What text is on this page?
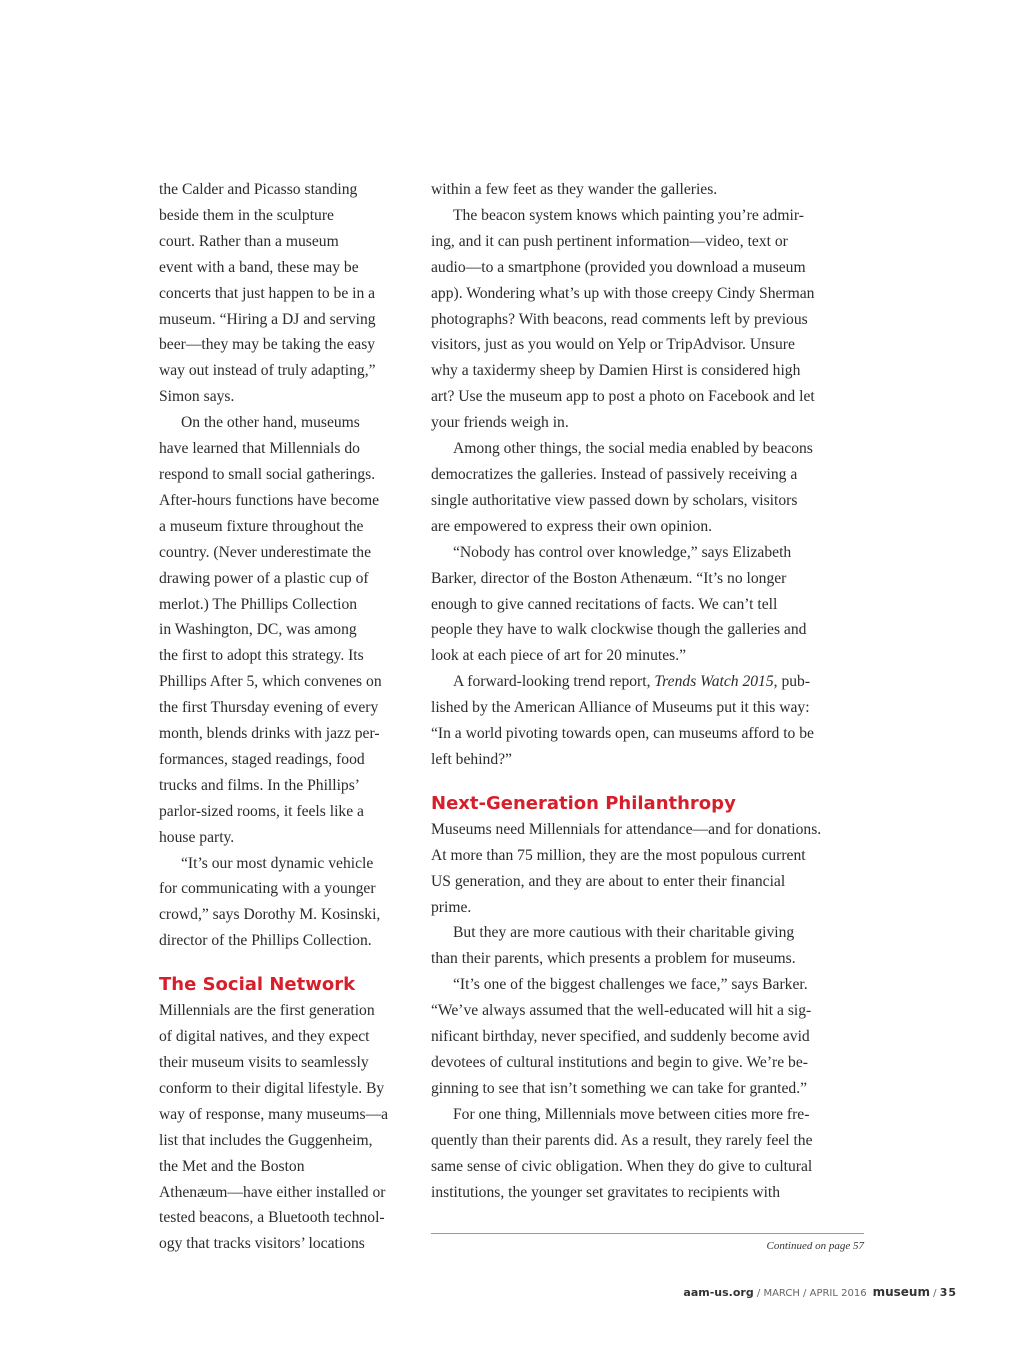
the Calder and Picasso standing
beside them in the sculpture
court. Rather than a museum
event with a band, these may be
concerts that just happen to be in a
museum. “Hiring a DJ and serving
beer—they may be taking the easy
way out instead of truly adapting,”
Simon says.
On the other hand, museums
have learned that Millennials do
respond to small social gatherings.
After-hours functions have become
a museum fixture throughout the
country. (Never underestimate the
drawing power of a plastic cup of
merlot.) The Phillips Collection
in Washington, DC, was among
the first to adopt this strategy. Its
Phillips After 5, which convenes on
the first Thursday evening of every
month, blends drinks with jazz per-
formances, staged readings, food
trucks and films. In the Phillips’
parlor-sized rooms, it feels like a
house party.
“It’s our most dynamic vehicle
for communicating with a younger
crowd,” says Dorothy M. Kosinski,
director of the Phillips Collection.
The Social Network
Millennials are the first generation
of digital natives, and they expect
their museum visits to seamlessly
conform to their digital lifestyle. By
way of response, many museums—a
list that includes the Guggenheim,
the Met and the Boston
Athenæum—have either installed or
tested beacons, a Bluetooth technol-
ogy that tracks visitors’ locations
within a few feet as they wander the galleries.
The beacon system knows which painting you’re admir-
ing, and it can push pertinent information—video, text or
audio—to a smartphone (provided you download a museum
app). Wondering what’s up with those creepy Cindy Sherman
photographs? With beacons, read comments left by previous
visitors, just as you would on Yelp or TripAdvisor. Unsure
why a taxidermy sheep by Damien Hirst is considered high
art? Use the museum app to post a photo on Facebook and let
your friends weigh in.
Among other things, the social media enabled by beacons
democratizes the galleries. Instead of passively receiving a
single authoritative view passed down by scholars, visitors
are empowered to express their own opinion.
“Nobody has control over knowledge,” says Elizabeth
Barker, director of the Boston Athenæum. “It’s no longer
enough to give canned recitations of facts. We can’t tell
people they have to walk clockwise though the galleries and
look at each piece of art for 20 minutes.”
A forward-looking trend report, Trends Watch 2015, pub-
lished by the American Alliance of Museums put it this way:
“In a world pivoting towards open, can museums afford to be
left behind?”
Next-Generation Philanthropy
Museums need Millennials for attendance—and for donations.
At more than 75 million, they are the most populous current
US generation, and they are about to enter their financial
prime.
But they are more cautious with their charitable giving
than their parents, which presents a problem for museums.
“It’s one of the biggest challenges we face,” says Barker.
“We’ve always assumed that the well-educated will hit a sig-
nificant birthday, never specified, and suddenly become avid
devotees of cultural institutions and begin to give. We’re be-
ginning to see that isn’t something we can take for granted.”
For one thing, Millennials move between cities more fre-
quently than their parents did. As a result, they rarely feel the
same sense of civic obligation. When they do give to cultural
institutions, the younger set gravitates to recipients with
Continued on page 57
aam-us.org / MARCH / APRIL 2016 museum / 35
